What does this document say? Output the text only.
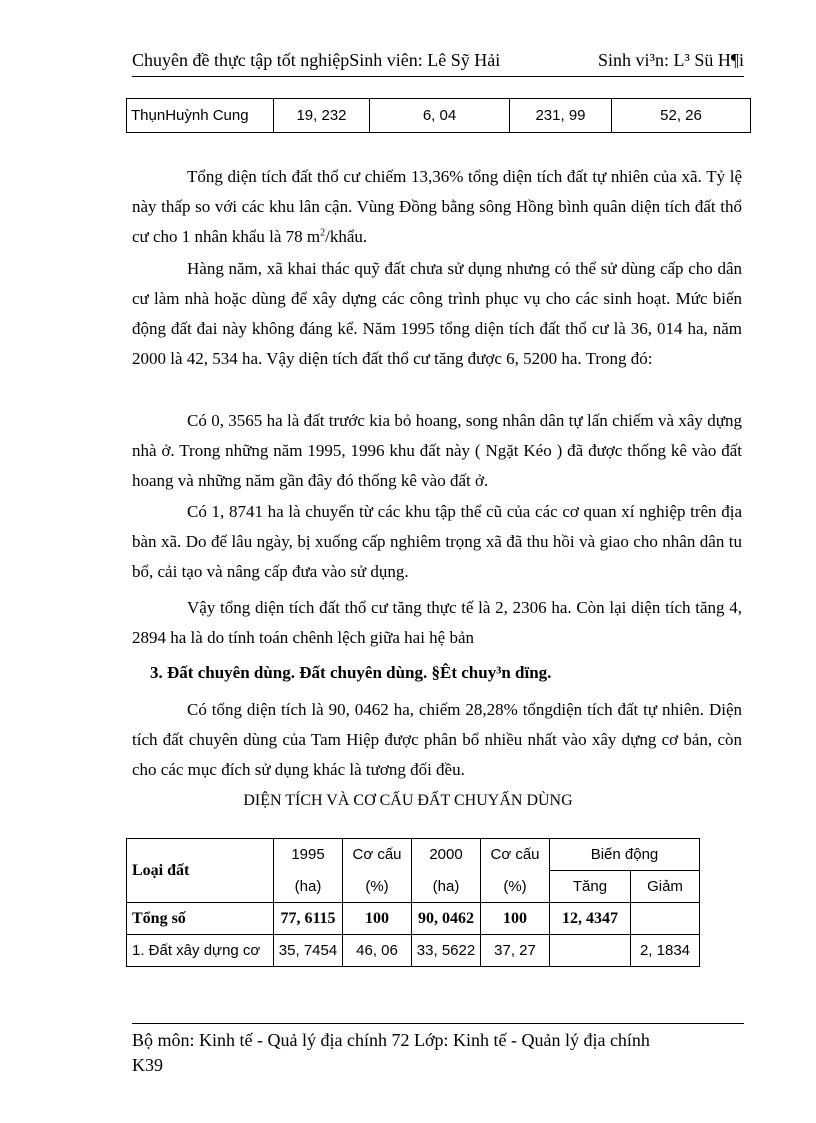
Chuyên đề thực tập tốt nghiệpSinh viên: Lê Sỹ Hải	Sinh vi³n: L³ Sü H¶i
ThụnHuỳnh Cung	19, 232	6, 04	231, 99	52, 26
Tổng diện tích đất thổ cư chiếm 13,36% tổng diện tích đất tự nhiên của xã. Tỷ lệ này thấp so với các khu lân cận. Vùng Đồng bằng sông Hồng bình quân diện tích đất thổ cư cho 1 nhân khẩu là 78 $m^2$/khẩu.
Hàng năm, xã khai thác quỹ đất chưa sử dụng nhưng có thể sử dùng cấp cho dân cư làm nhà hoặc dùng để xây dựng các công trình phục vụ cho các sinh hoạt. Mức biến động đất đai này không đáng kể. Năm 1995 tổng diện tích đất thổ cư là 36, 014 ha, năm 2000 là 42, 534 ha. Vậy diện tích đất thổ cư tăng được 6, 5200 ha. Trong đó:
Có 0, 3565 ha là đất trước kia bỏ hoang, song nhân dân tự lấn chiếm và xây dựng nhà ở. Trong những năm 1995, 1996 khu đất này ( Ngặt Kéo ) đã được thống kê vào đất hoang và những năm gần đây đó thống kê vào đất ở.
Có 1, 8741 ha là chuyển từ các khu tập thể cũ của các cơ quan xí nghiệp trên địa bàn xã. Do để lâu ngày, bị xuống cấp nghiêm trọng xã đã thu hồi và giao cho nhân dân tu bổ, cải tạo và nâng cấp đưa vào sử dụng.
Vậy tổng diện tích đất thổ cư tăng thực tế là 2, 2306 ha. Còn lại diện tích tăng 4, 2894 ha là do tính toán chênh lệch giữa hai hệ bản
3. Đất chuyên dùng. Đất chuyên dùng. §Êt chuy³n dïng.
Có tổng diện tích là 90, 0462 ha, chiếm 28,28% tổngdiện tích đất tự nhiên. Diện tích đất chuyên dùng của Tam Hiệp được phân bổ nhiều nhất vào xây dựng cơ bản, còn cho các mục đích sử dụng khác là tương đối đều.
DIỆN TÍCH VÀ CƠ CẤU ĐẤT CHUYẤN DÙNG
Loại đất	1995	Cơ cấu	2000	Cơ cấu	Biến động	
	(ha)	(%)	(ha)	(%)	Tăng	Giảm
Tổng số	77, 6115	100	90, 0462	100	12, 4347	
1. Đất xây dựng cơ	35, 7454	46, 06	33, 5622	37, 27		2, 1834
Bộ môn: Kinh tế - Quả lý địa chính 72 Lớp: Kinh tế - Quản lý địa chính
K39
